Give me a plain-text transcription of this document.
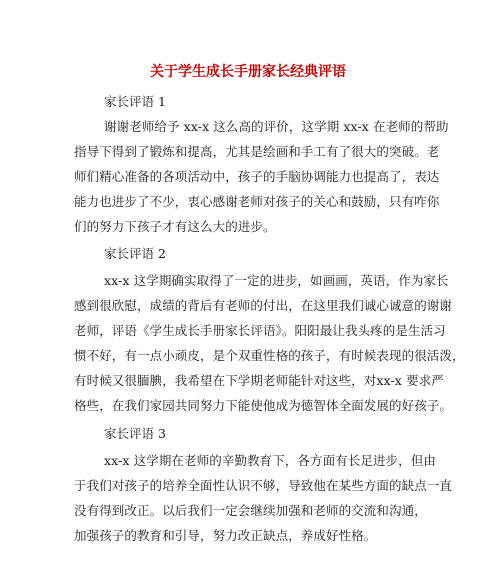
关于学生成长手册家长经典评语
家长评语 1
谢谢老师给予 xx-x 这么高的评价，这学期 xx-x 在老师的帮助
指导下得到了锻炼和提高，尤其是绘画和手工有了很大的突破。老
师们精心准备的各项活动中，孩子的手脑协调能力也提高了，表达
能力也进步了不少，衷心感谢老师对孩子的关心和鼓励，只有咋你
们的努力下孩子才有这么大的进步。
家长评语 2
xx-x 这学期确实取得了一定的进步，如画画，英语，作为家长
感到很欣慰，成绩的背后有老师的付出，在这里我们诚心诚意的谢谢
老师，评语《学生成长手册家长评语》。阳阳最让我头疼的是生活习
惯不好，有一点小顽皮，是个双重性格的孩子，有时候表现的很活泼，
有时候又很腼腆，我希望在下学期老师能针对这些，对xx-x 要求严
格些，在我们家园共同努力下能使他成为德智体全面发展的好孩子。
家长评语 3
xx-x 这学期在老师的辛勤教育下，各方面有长足进步，但由
于我们对孩子的培养全面性认识不够，导致他在某些方面的缺点一直
没有得到改正。以后我们一定会继续加强和老师的交流和沟通，
加强孩子的教育和引导，努力改正缺点，养成好性格。
